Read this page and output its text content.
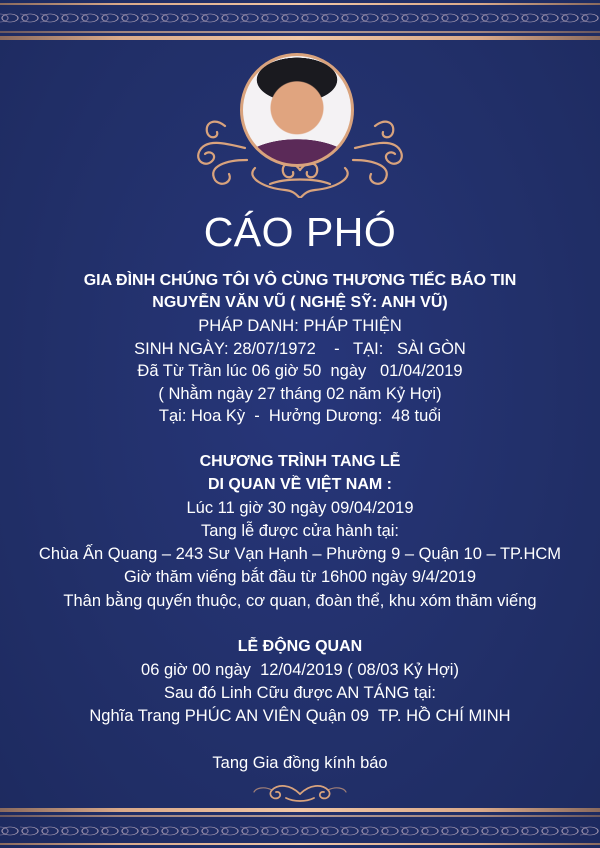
CÁO PHÓ
GIA ĐÌNH CHÚNG TÔI VÔ CÙNG THƯƠNG TIẾC BÁO TIN
NGUYỄN VĂN VŨ ( NGHỆ SỸ: ANH VŨ)
PHÁP DANH: PHÁP THIỆN
SINH NGÀY: 28/07/1972    -   TẠI:   SÀI GÒN
Đã Từ Trần lúc 06 giờ 50  ngày   01/04/2019
( Nhằm ngày 27 tháng 02 năm Kỷ Hợi)
Tại: Hoa Kỳ  -  Hưởng Dương:  48 tuổi
CHƯƠNG TRÌNH TANG LỄ
DI QUAN VỀ VIỆT NAM :
Lúc 11 giờ 30 ngày 09/04/2019
Tang lễ được cửa hành tại:
Chùa Ấn Quang – 243 Sư Vạn Hạnh – Phường 9 – Quận 10 – TP.HCM
Giờ thăm viếng bắt đầu từ 16h00 ngày 9/4/2019
Thân bằng quyến thuộc, cơ quan, đoàn thể, khu xóm thăm viếng
LỄ ĐỘNG QUAN
06 giờ 00 ngày  12/04/2019 ( 08/03 Kỷ Hợi)
Sau đó Linh Cữu được AN TÁNG tại:
Nghĩa Trang PHÚC AN VIÊN Quận 09  TP. HỒ CHÍ MINH
Tang Gia đồng kính báo
